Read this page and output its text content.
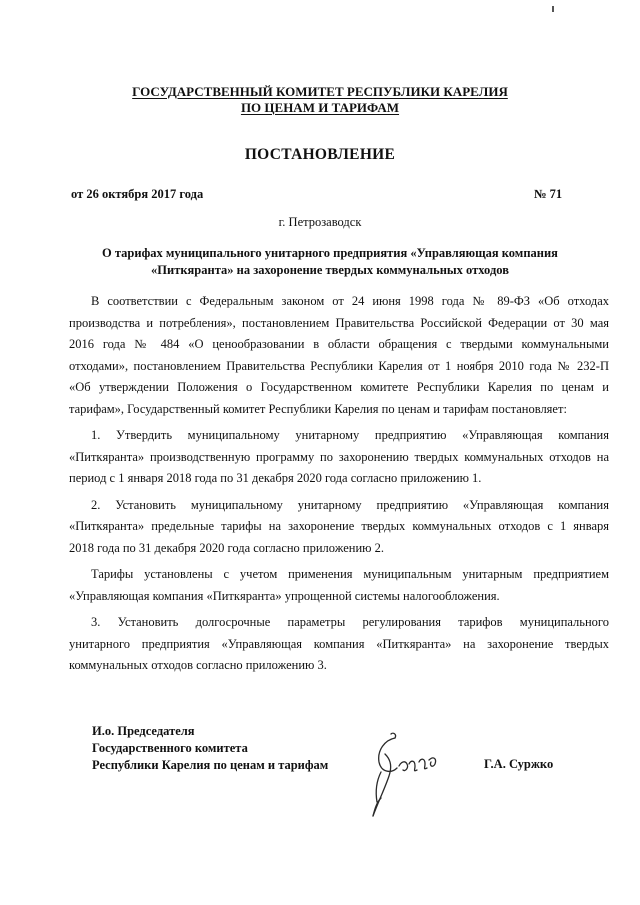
ГОСУДАРСТВЕННЫЙ КОМИТЕТ РЕСПУБЛИКИ КАРЕЛИЯ
ПО ЦЕНАМ И ТАРИФАМ
ПОСТАНОВЛЕНИЕ
от 26 октября 2017 года	№ 71
г. Петрозаводск
О тарифах муниципального унитарного предприятия «Управляющая компания
«Питкяранта» на захоронение твердых коммунальных отходов
В соответствии с Федеральным законом от 24 июня 1998 года № 89-ФЗ «Об отходах
производства и потребления», постановлением Правительства Российской Федерации от 30 мая
2016 года № 484 «О ценообразовании в области обращения с твердыми коммунальными
отходами», постановлением Правительства Республики Карелия от 1 ноября 2010 года № 232-П
«Об утверждении Положения о Государственном комитете Республики Карелия по ценам и
тарифам», Государственный комитет Республики Карелия по ценам и тарифам постановляет:
1. Утвердить муниципальному унитарному предприятию «Управляющая компания
«Питкяранта» производственную программу по захоронению твердых коммунальных отходов на
период с 1 января 2018 года по 31 декабря 2020 года согласно приложению 1.
2. Установить муниципальному унитарному предприятию «Управляющая компания
«Питкяранта» предельные тарифы на захоронение твердых коммунальных отходов с 1 января
2018 года по 31 декабря 2020 года согласно приложению 2.
Тарифы установлены с учетом применения муниципальным унитарным предприятием
«Управляющая компания «Питкяранта» упрощенной системы налогообложения.
3. Установить долгосрочные параметры регулирования тарифов муниципального
унитарного предприятия «Управляющая компания «Питкяранта» на захоронение твердых
коммунальных отходов согласно приложению 3.
И.о. Председателя
Государственного комитета
Республики Карелия по ценам и тарифам	Г.А. Суржко
